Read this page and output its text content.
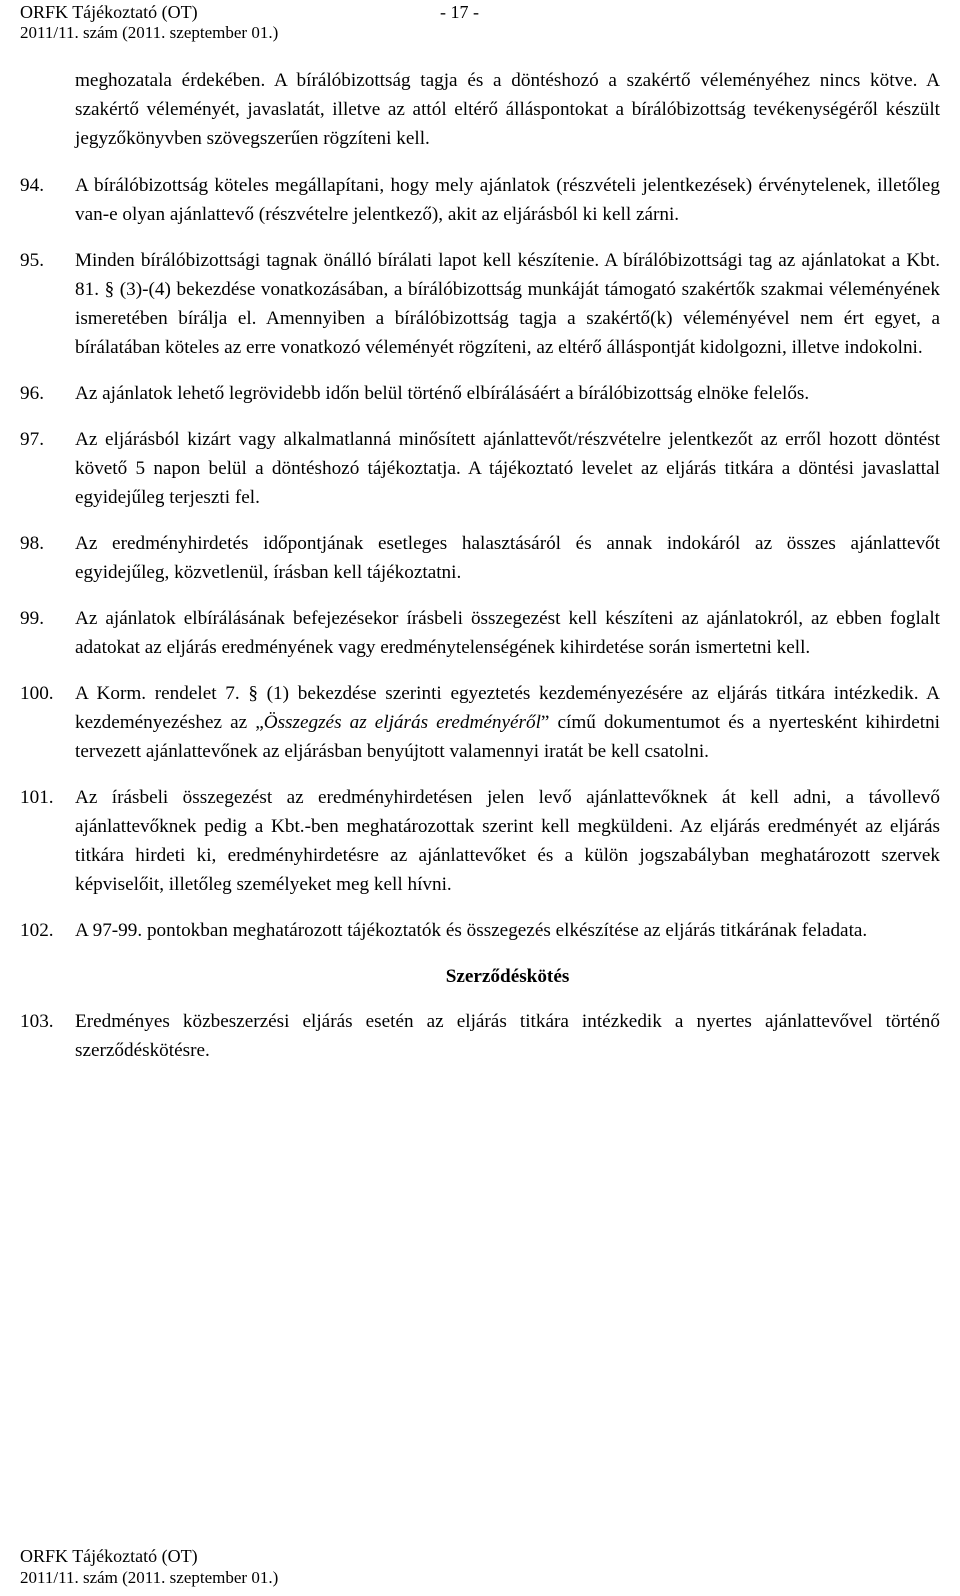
ORFK Tájékoztató (OT)	- 17 -
2011/11. szám (2011. szeptember 01.)

meghozatala érdekében. A bírálóbizottság tagja és a döntéshozó a szakértő véleményéhez nincs kötve. A szakértő véleményét, javaslatát, illetve az attól eltérő álláspontokat a bírálóbizottság tevékenységéről készült jegyzőkönyvben szövegszerűen rögzíteni kell.

94. A bírálóbizottság köteles megállapítani, hogy mely ajánlatok (részvételi jelentkezések) érvénytelenek, illetőleg van-e olyan ajánlattevő (részvételre jelentkező), akit az eljárásból ki kell zárni.

95. Minden bírálóbizottsági tagnak önálló bírálati lapot kell készítenie. A bírálóbizottsági tag az ajánlatokat a Kbt. 81. § (3)-(4) bekezdése vonatkozásában, a bírálóbizottság munkáját támogató szakértők szakmai véleményének ismeretében bírálja el. Amennyiben a bírálóbizottság tagja a szakértő(k) véleményével nem ért egyet, a bírálatában köteles az erre vonatkozó véleményét rögzíteni, az eltérő álláspontját kidolgozni, illetve indokolni.

96. Az ajánlatok lehető legrövidebb időn belül történő elbírálásáért a bírálóbizottság elnöke felelős.

97. Az eljárásból kizárt vagy alkalmatlanná minősített ajánlattevőt/részvételre jelentkezőt az erről hozott döntést követő 5 napon belül a döntéshozó tájékoztatja. A tájékoztató levelet az eljárás titkára a döntési javaslattal egyidejűleg terjeszti fel.

98. Az eredményhirdetés időpontjának esetleges halasztásáról és annak indokáról az összes ajánlattevőt egyidejűleg, közvetlenül, írásban kell tájékoztatni.

99. Az ajánlatok elbírálásának befejezésekor írásbeli összegezést kell készíteni az ajánlatokról, az ebben foglalt adatokat az eljárás eredményének vagy eredménytelenségének kihirdetése során ismertetni kell.

100. A Korm. rendelet 7. § (1) bekezdése szerinti egyeztetés kezdeményezésére az eljárás titkára intézkedik. A kezdeményezéshez az „Összegzés az eljárás eredményéről” című dokumentumot és a nyertesként kihirdetni tervezett ajánlattevőnek az eljárásban benyújtott valamennyi iratát be kell csatolni.

101. Az írásbeli összegezést az eredményhirdetésen jelen levő ajánlattevőknek át kell adni, a távollevő ajánlattevőknek pedig a Kbt.-ben meghatározottak szerint kell megküldeni. Az eljárás eredményét az eljárás titkára hirdeti ki, eredményhirdetésre az ajánlattevőket és a külön jogszabályban meghatározott szervek képviselőit, illetőleg személyeket meg kell hívni.

102. A 97-99. pontokban meghatározott tájékoztatók és összegezés elkészítése az eljárás titkárának feladata.

Szerződéskötés
103. Eredményes közbeszerzési eljárás esetén az eljárás titkára intézkedik a nyertes ajánlattevővel történő szerződéskötésre.

ORFK Tájékoztató (OT)
2011/11. szám (2011. szeptember 01.)
